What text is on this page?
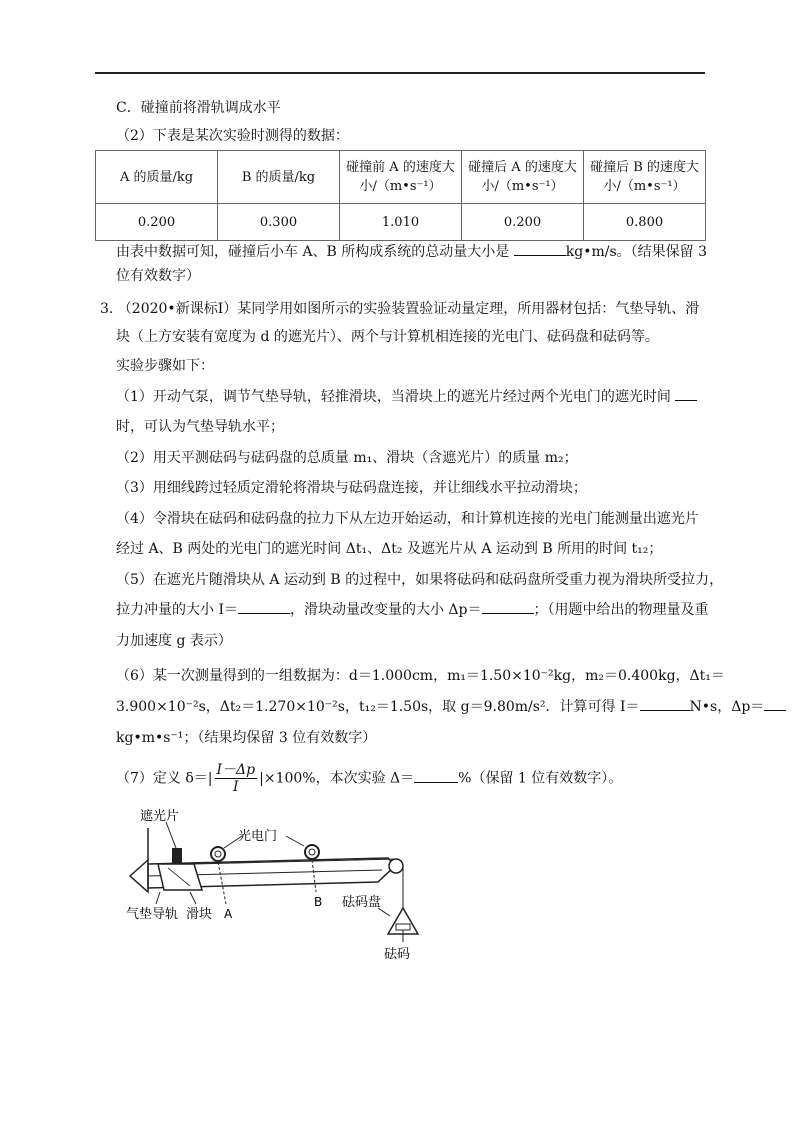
C．碰撞前将滑轨调成水平
（2）下表是某次实验时测得的数据：
A 的质量/kg	B 的质量/kg	碰撞前 A 的速度大小/（m•s⁻¹）	碰撞后 A 的速度大小/（m•s⁻¹）	碰撞后 B 的速度大小/（m•s⁻¹）
0.200	0.300	1.010	0.200	0.800
由表中数据可知，碰撞后小车 A、B 所构成系统的总动量大小是	kg•m/s。（结果保留 3
位有效数字）
3. （2020•新课标Ⅰ）某同学用如图所示的实验装置验证动量定理，所用器材包括：气垫导轨、滑
块（上方安装有宽度为 d 的遮光片）、两个与计算机相连接的光电门、砝码盘和砝码等。
实验步骤如下：
（1）开动气泵，调节气垫导轨，轻推滑块，当滑块上的遮光片经过两个光电门的遮光时间
时，可认为气垫导轨水平；
（2）用天平测砝码与砝码盘的总质量 m₁、滑块（含遮光片）的质量 m₂；
（3）用细线跨过轻质定滑轮将滑块与砝码盘连接，并让细线水平拉动滑块；
（4）令滑块在砝码和砝码盘的拉力下从左边开始运动，和计算机连接的光电门能测量出遮光片
经过 A、B 两处的光电门的遮光时间 Δt₁、Δt₂ 及遮光片从 A 运动到 B 所用的时间 t₁₂；
（5）在遮光片随滑块从 A 运动到 B 的过程中，如果将砝码和砝码盘所受重力视为滑块所受拉力，
拉力冲量的大小 I＝	，滑块动量改变量的大小 Δp＝	；（用题中给出的物理量及重
力加速度 g 表示）
（6）某一次测量得到的一组数据为：d＝1.000cm，m₁＝1.50×10⁻²kg，m₂＝0.400kg，Δt₁＝
3.900×10⁻²s，Δt₂＝1.270×10⁻²s，t₁₂＝1.50s，取 g＝9.80m/s²．计算可得 I＝	N•s，Δp＝
kg•m•s⁻¹；（结果均保留 3 位有效数字）
（7）定义 $\delta=| \frac{I-\Delta p}{I} |\times 100\%$，本次实验 Δ＝	%（保留 1 位有效数字）。
遮光片
光电门
A
B
气垫导轨 滑块
砝码盘
砝码
